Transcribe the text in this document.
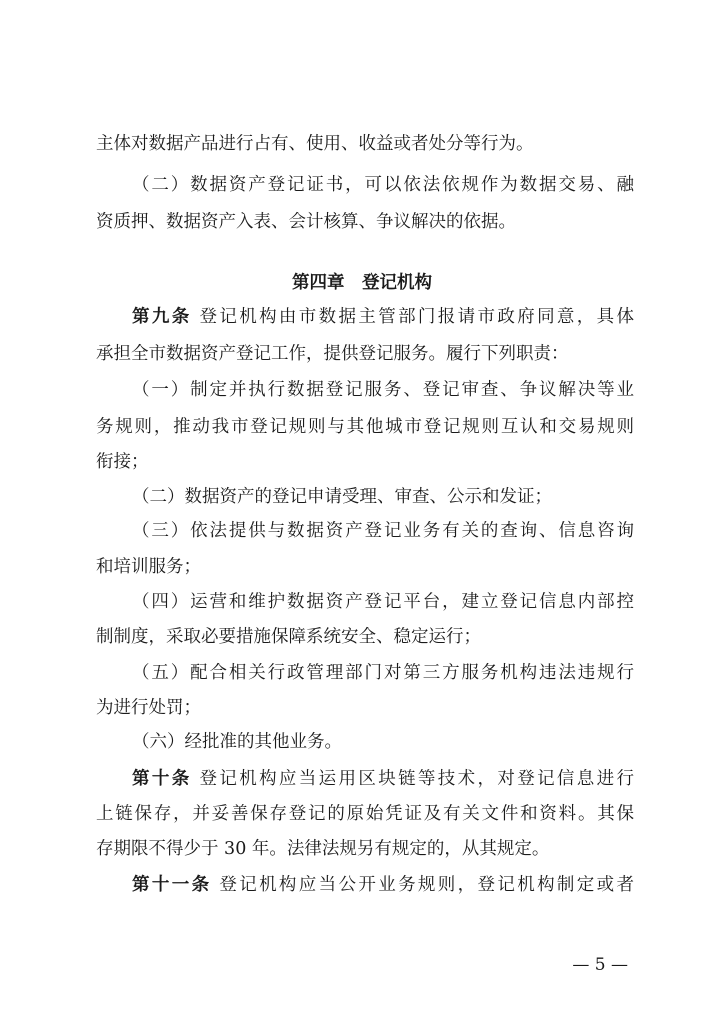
主体对数据产品进行占有、使用、收益或者处分等行为。
（二）数据资产登记证书，可以依法依规作为数据交易、融
资质押、数据资产入表、会计核算、争议解决的依据。
第四章　登记机构
第九条 登记机构由市数据主管部门报请市政府同意，具体
承担全市数据资产登记工作，提供登记服务。履行下列职责：
（一）制定并执行数据登记服务、登记审查、争议解决等业
务规则，推动我市登记规则与其他城市登记规则互认和交易规则
衔接；
（二）数据资产的登记申请受理、审查、公示和发证；
（三）依法提供与数据资产登记业务有关的查询、信息咨询
和培训服务；
（四）运营和维护数据资产登记平台，建立登记信息内部控
制制度，采取必要措施保障系统安全、稳定运行；
（五）配合相关行政管理部门对第三方服务机构违法违规行
为进行处罚；
（六）经批准的其他业务。
第十条 登记机构应当运用区块链等技术，对登记信息进行
上链保存，并妥善保存登记的原始凭证及有关文件和资料。其保
存期限不得少于 30 年。法律法规另有规定的，从其规定。
第十一条 登记机构应当公开业务规则，登记机构制定或者
— 5 —
